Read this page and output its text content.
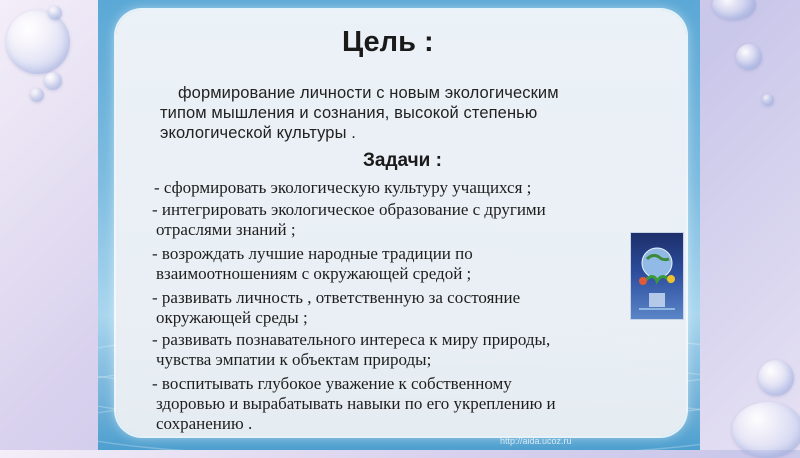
Цель :
формирование личности с новым экологическим
типом мышления и сознания, высокой степенью
экологической культуры .
Задачи :
- сформировать экологическую культуру учащихся ;
- интегрировать экологическое образование с другими
отраслями знаний ;
- возрождать лучшие народные традиции по
взаимоотношениям с окружающей средой ;
- развивать личность , ответственную за состояние
окружающей среды ;
- развивать познавательного интереса к миру природы,
чувства эмпатии к объектам природы;
- воспитывать глубокое уважение к собственному
здоровью и вырабатывать навыки по его укреплению и
сохранению .
http://aida.ucoz.ru
